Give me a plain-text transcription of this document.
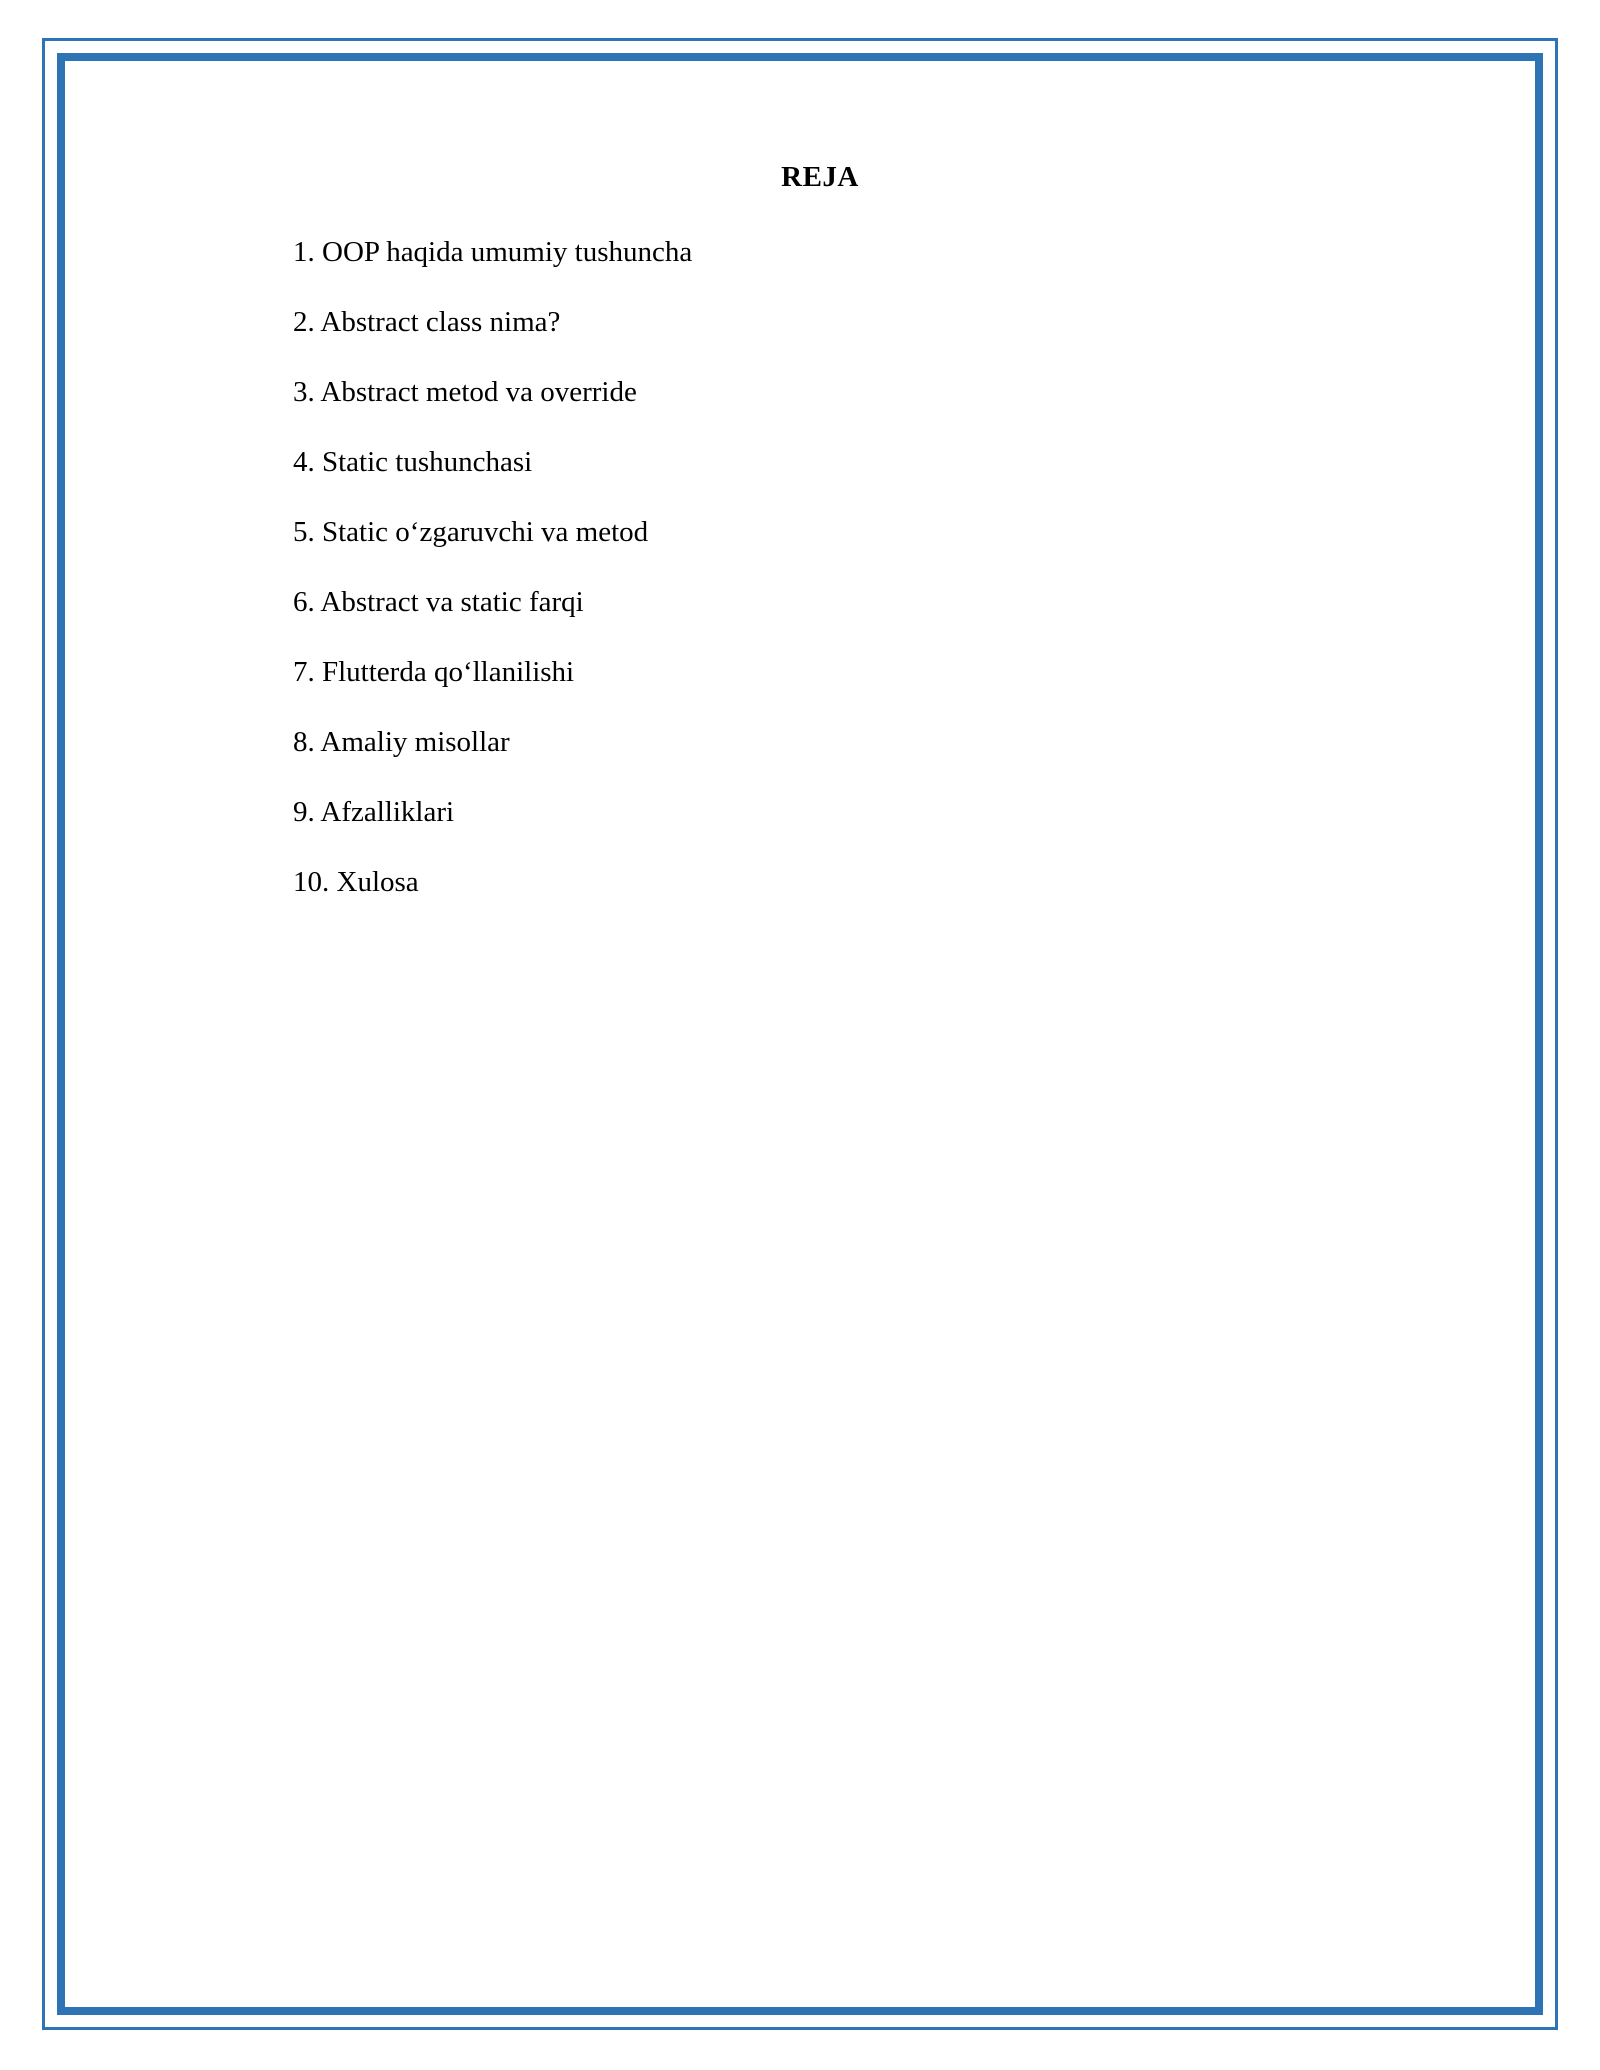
REJA
1. OOP haqida umumiy tushuncha
2. Abstract class nima?
3. Abstract metod va override
4. Static tushunchasi
5. Static o‘zgaruvchi va metod
6. Abstract va static farqi
7. Flutterda qo‘llanilishi
8. Amaliy misollar
9. Afzalliklari
10. Xulosa
